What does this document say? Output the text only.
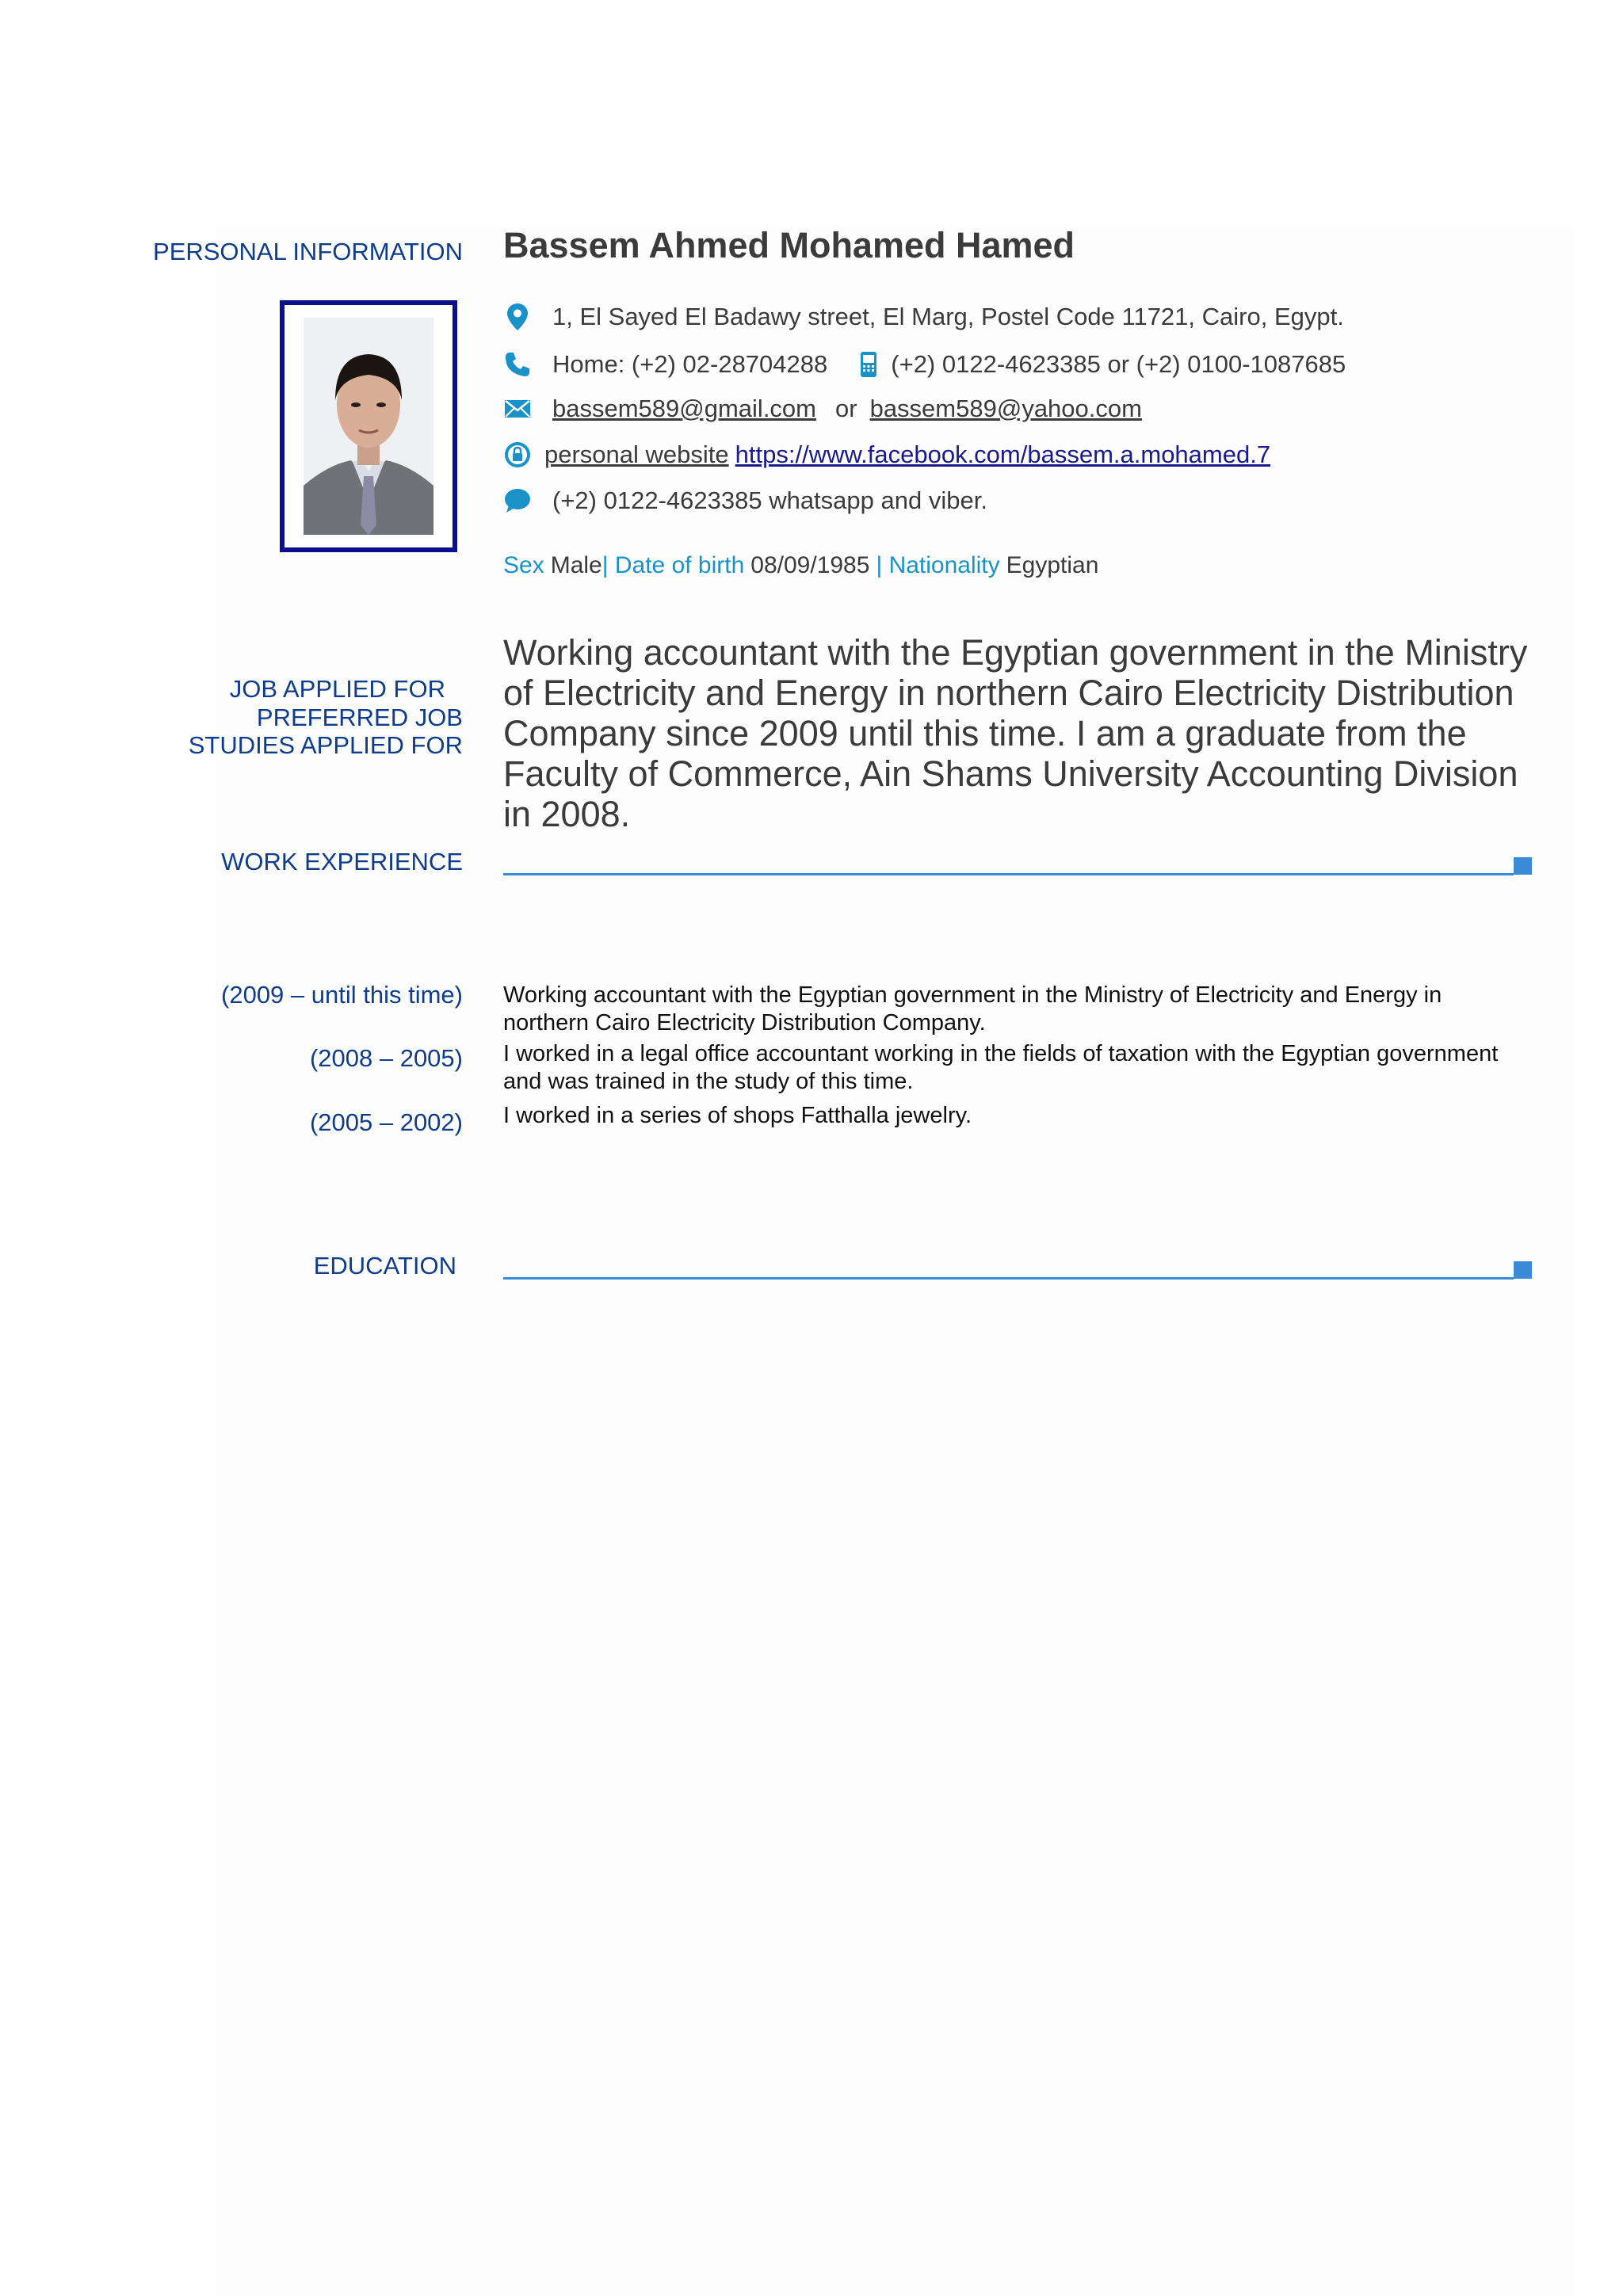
PERSONAL INFORMATION Bassem Ahmed Mohamed Hamed
1, El Sayed El Badawy street, El Marg, Postel Code 11721, Cairo, Egypt.
Home: (+2) 02-28704288	(+2) 0122-4623385 or (+2) 0100-1087685
bassem589@gmail.com or bassem589@yahoo.com
personal website https://www.facebook.com/bassem.a.mohamed.7
(+2) 0122-4623385 whatsapp and viber.
Sex Male | Date of birth 08/09/1985 | Nationality Egyptian
JOB APPLIED FOR
PREFERRED JOB
STUDIES APPLIED FOR
Working accountant with the Egyptian government in the Ministry of Electricity and Energy in northern Cairo Electricity Distribution Company since 2009 until this time. I am a graduate from the Faculty of Commerce, Ain Shams University Accounting Division in 2008.
WORK EXPERIENCE
(2009 – until this time) Working accountant with the Egyptian government in the Ministry of Electricity and Energy in northern Cairo Electricity Distribution Company.
(2008 – 2005) I worked in a legal office accountant working in the fields of taxation with the Egyptian government and was trained in the study of this time.
(2005 – 2002) I worked in a series of shops Fatthalla jewelry.
EDUCATION
